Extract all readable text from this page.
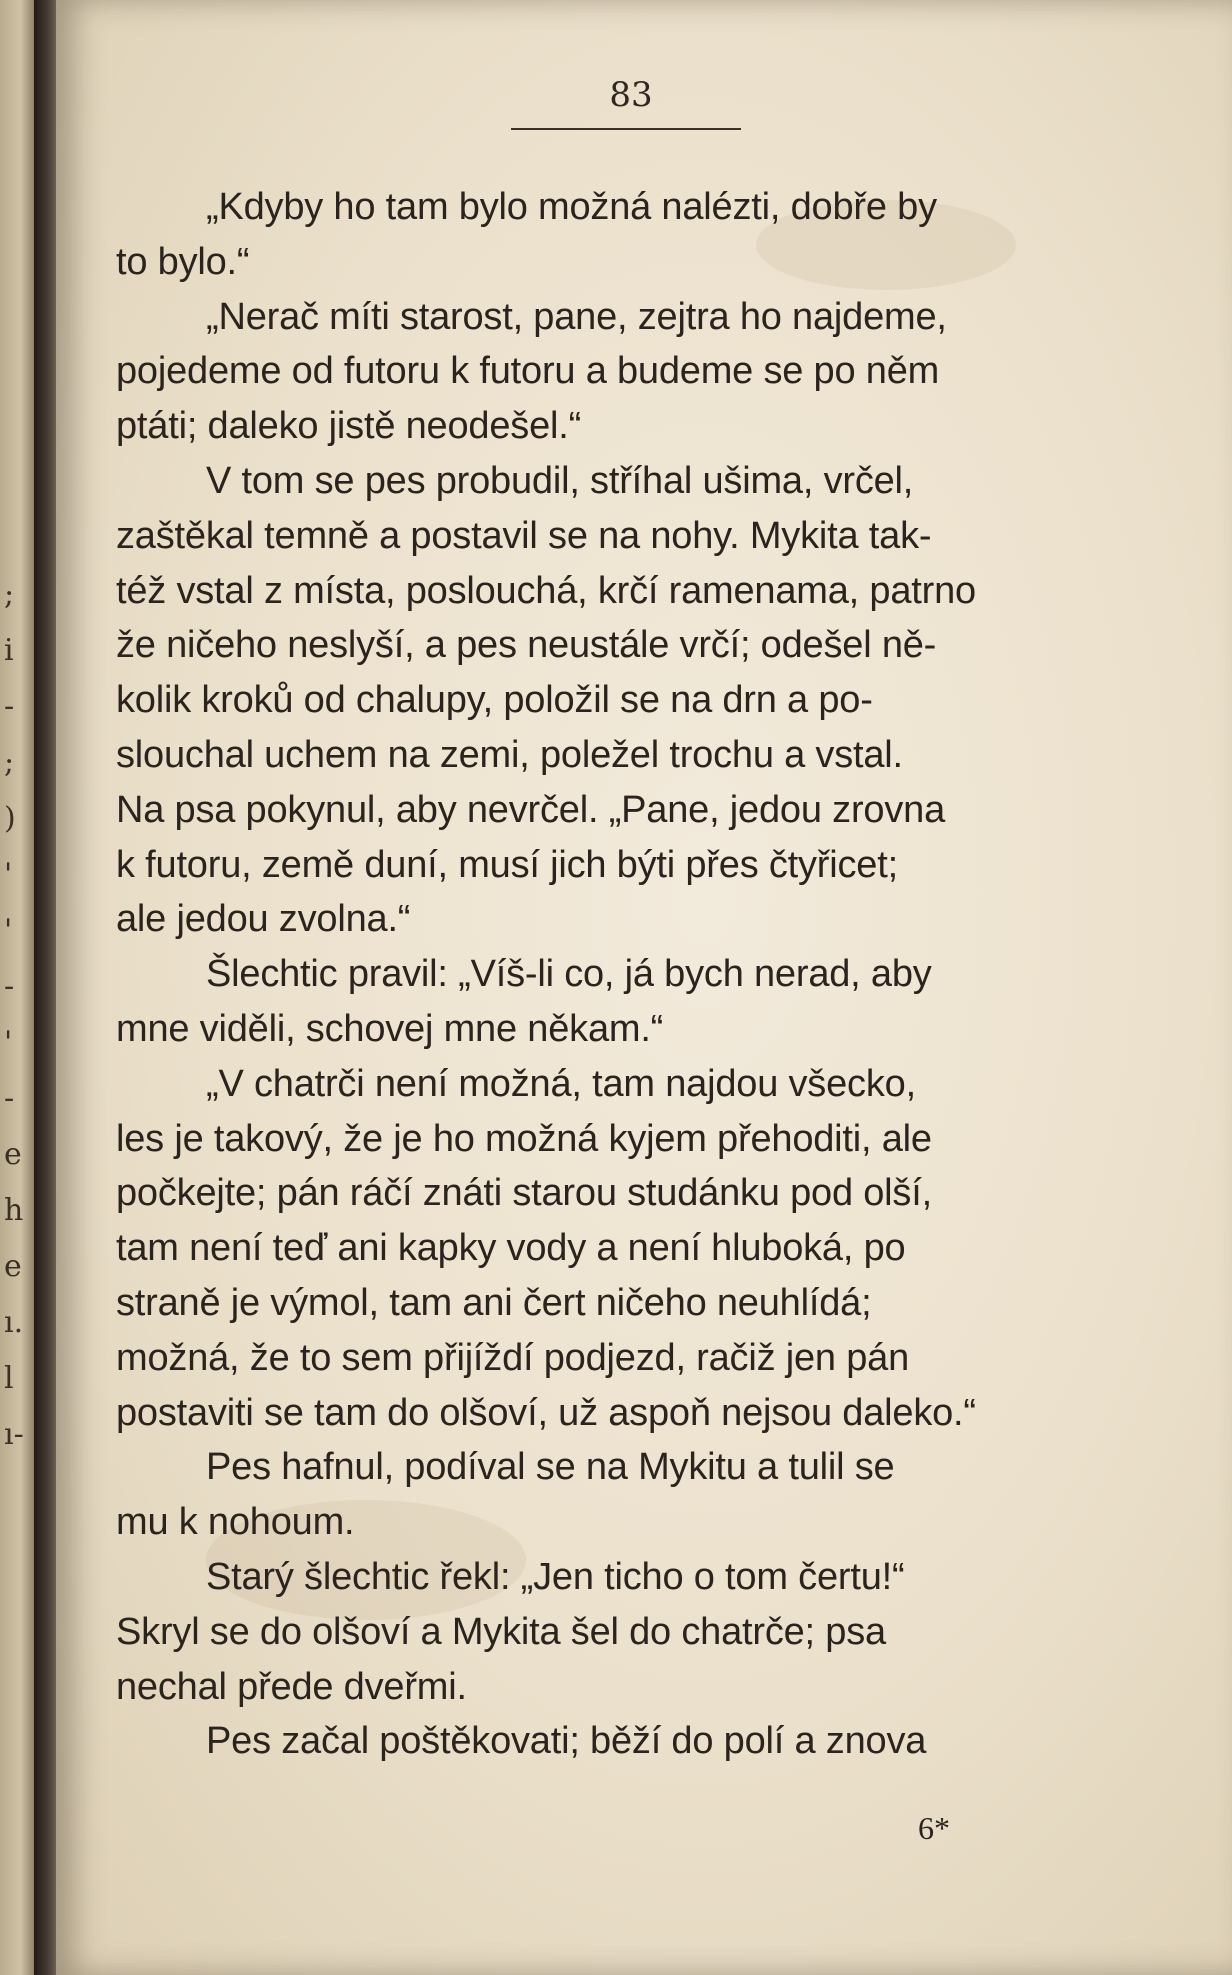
;
i
-
;
)
'
'
-
'
-
e
h
e
ı.
l
ı-
83
„Kdyby ho tam bylo možná nalézti, dobře by
to bylo.“
„Nerač míti starost, pane, zejtra ho najdeme,
pojedeme od futoru k futoru a budeme se po něm
ptáti; daleko jistě neodešel.“
V tom se pes probudil, stříhal ušima, vrčel,
zaštěkal temně a postavil se na nohy. Mykita tak-
též vstal z místa, poslouchá, krčí ramenama, patrno
že ničeho neslyší, a pes neustále vrčí; odešel ně-
kolik kroků od chalupy, položil se na drn a po-
slouchal uchem na zemi, poležel trochu a vstal.
Na psa pokynul, aby nevrčel. „Pane, jedou zrovna
k futoru, země duní, musí jich býti přes čtyřicet;
ale jedou zvolna.“
Šlechtic pravil: „Víš-li co, já bych nerad, aby
mne viděli, schovej mne někam.“
„V chatrči není možná, tam najdou všecko,
les je takový, že je ho možná kyjem přehoditi, ale
počkejte; pán ráčí znáti starou studánku pod olší,
tam není teď ani kapky vody a není hluboká, po
straně je výmol, tam ani čert ničeho neuhlídá;
možná, že to sem přijíždí podjezd, račiž jen pán
postaviti se tam do olšoví, už aspoň nejsou daleko.“
Pes hafnul, podíval se na Mykitu a tulil se
mu k nohoum.
Starý šlechtic řekl: „Jen ticho o tom čertu!“
Skryl se do olšoví a Mykita šel do chatrče; psa
nechal přede dveřmi.
Pes začal poštěkovati; běží do polí a znova
6*
